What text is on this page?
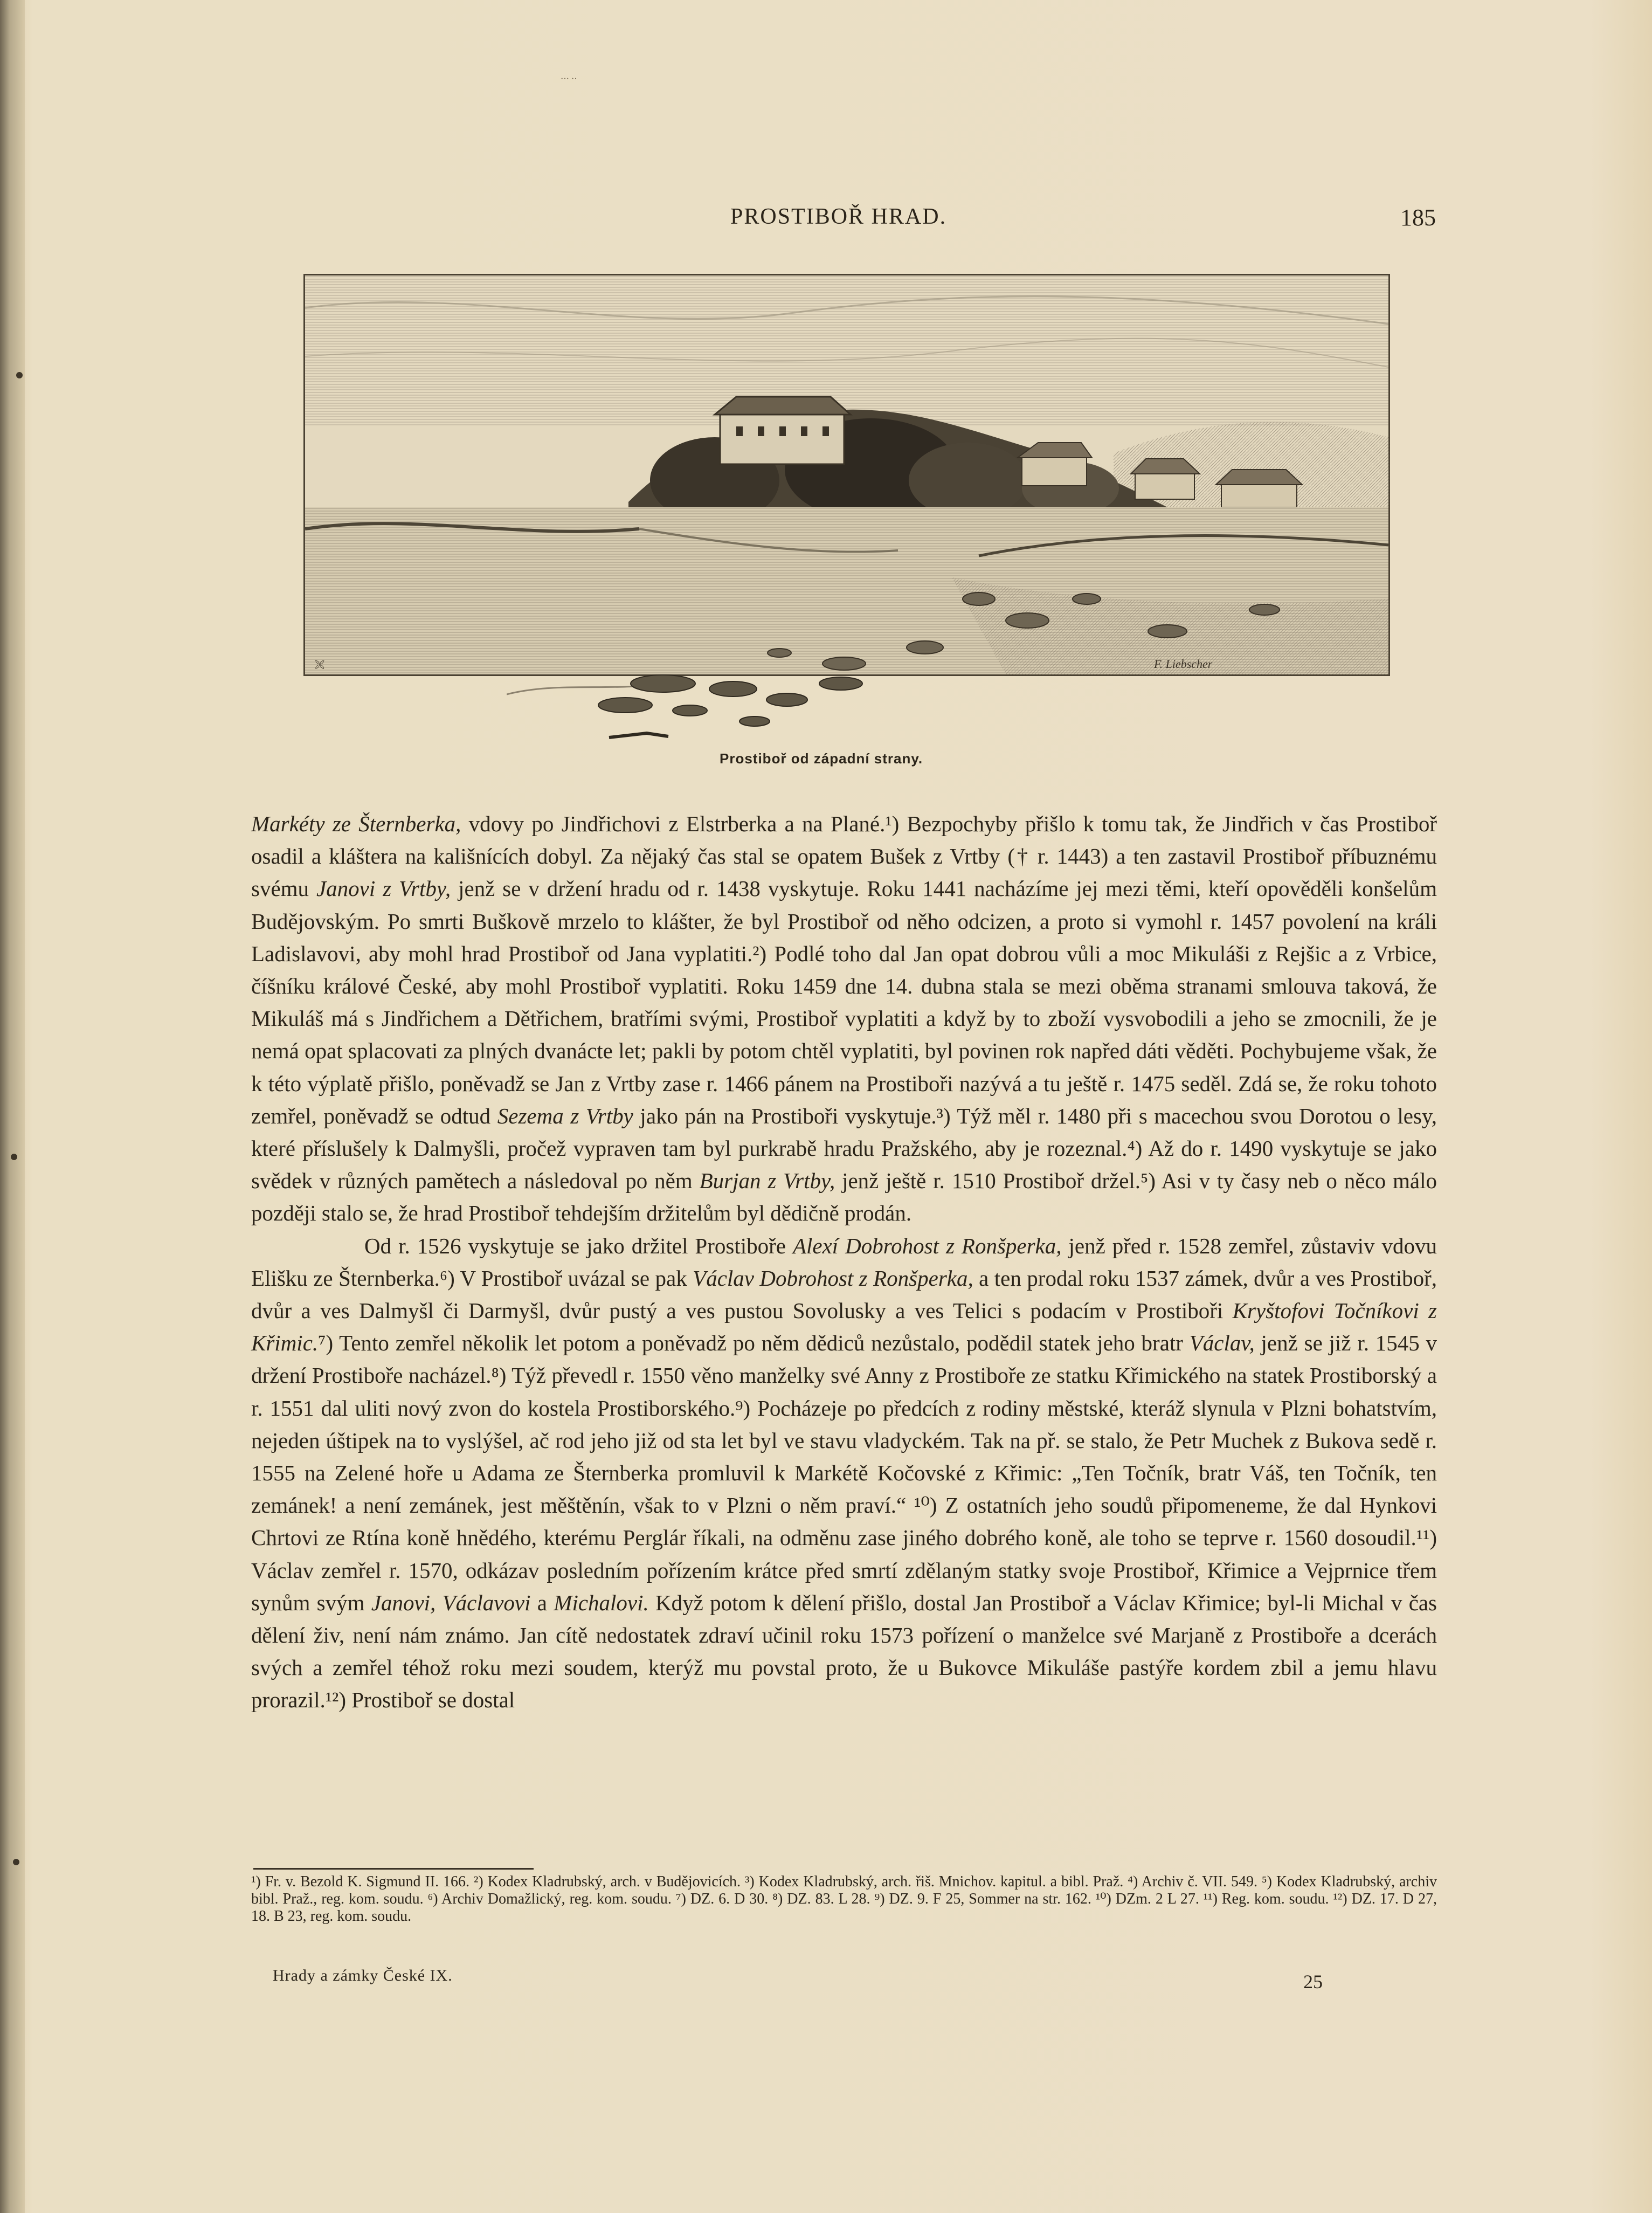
··· ··
PROSTIBOŘ HRAD.	185
🙪	F. Liebscher
Prostiboř od západní strany.

Markéty ze Šternberka, vdovy po Jindřichovi z Elstrberka a na Plané.¹) Bezpochyby přišlo k tomu tak, že Jindřich v čas Prostiboř osadil a kláštera na kališnících dobyl. Za nějaký čas stal se opatem Bušek z Vrtby († r. 1443) a ten zastavil Prostiboř příbuznému svému Janovi z Vrtby, jenž se v držení hradu od r. 1438 vyskytuje. Roku 1441 nacházíme jej mezi těmi, kteří opověděli konšelům Budějovským. Po smrti Buškově mrzelo to klášter, že byl Prostiboř od něho odcizen, a proto si vymohl r. 1457 povolení na králi Ladislavovi, aby mohl hrad Prostiboř od Jana vyplatiti.²) Podlé toho dal Jan opat dobrou vůli a moc Mikuláši z Rejšic a z Vrbice, číšníku králové České, aby mohl Prostiboř vyplatiti. Roku 1459 dne 14. dubna stala se mezi oběma stranami smlouva taková, že Mikuláš má s Jindřichem a Dětřichem, bratřími svými, Prostiboř vyplatiti a když by to zboží vysvobodili a jeho se zmocnili, že je nemá opat splacovati za plných dvanácte let; pakli by potom chtěl vyplatiti, byl povinen rok napřed dáti věděti. Pochybujeme však, že k této výplatě přišlo, poněvadž se Jan z Vrtby zase r. 1466 pánem na Prostiboři nazývá a tu ještě r. 1475 seděl. Zdá se, že roku tohoto zemřel, poněvadž se odtud Sezema z Vrtby jako pán na Prostiboři vyskytuje.³) Týž měl r. 1480 při s macechou svou Dorotou o lesy, které příslušely k Dalmyšli, pročež vypraven tam byl purkrabě hradu Pražského, aby je rozeznal.⁴) Až do r. 1490 vyskytuje se jako svědek v různých pamětech a následoval po něm Burjan z Vrtby, jenž ještě r. 1510 Prostiboř držel.⁵) Asi v ty časy neb o něco málo později stalo se, že hrad Prostiboř tehdejším držitelům byl dědičně prodán.

Od r. 1526 vyskytuje se jako držitel Prostiboře Alexí Dobrohost z Ronšperka, jenž před r. 1528 zemřel, zůstaviv vdovu Elišku ze Šternberka.⁶) V Prostiboř uvázal se pak Václav Dobrohost z Ronšperka, a ten prodal roku 1537 zámek, dvůr a ves Prostiboř, dvůr a ves Dalmyšl či Darmyšl, dvůr pustý a ves pustou Sovolusky a ves Telici s podacím v Prostiboři Kryštofovi Točníkovi z Křimic.⁷) Tento zemřel několik let potom a poněvadž po něm dědiců nezůstalo, podědil statek jeho bratr Václav, jenž se již r. 1545 v držení Prostiboře nacházel.⁸) Týž převedl r. 1550 věno manželky své Anny z Prostiboře ze statku Křimického na statek Prostiborský a r. 1551 dal uliti nový zvon do kostela Prostiborského.⁹) Pocházeje po předcích z rodiny městské, kteráž slynula v Plzni bohatstvím, nejeden úštipek na to vyslýšel, ač rod jeho již od sta let byl ve stavu vladyckém. Tak na př. se stalo, že Petr Muchek z Bukova sedě r. 1555 na Zelené hoře u Adama ze Šternberka promluvil k Markétě Kočovské z Křimic: „Ten Točník, bratr Váš, ten Točník, ten zemánek! a není zemánek, jest měštěnín, však to v Plzni o něm praví.“ ¹⁰) Z ostatních jeho soudů připomeneme, že dal Hynkovi Chrtovi ze Rtína koně hnědého, kterému Perglár říkali, na odměnu zase jiného dobrého koně, ale toho se teprve r. 1560 dosoudil.¹¹) Václav zemřel r. 1570, odkázav posledním pořízením krátce před smrtí zdělaným statky svoje Prostiboř, Křimice a Vejprnice třem synům svým Janovi, Václavovi a Michalovi. Když potom k dělení přišlo, dostal Jan Prostiboř a Václav Křimice; byl-li Michal v čas dělení živ, není nám známo. Jan cítě nedostatek zdraví učinil roku 1573 pořízení o manželce své Marjaně z Prostiboře a dcerách svých a zemřel téhož roku mezi soudem, kterýž mu povstal proto, že u Bukovce Mikuláše pastýře kordem zbil a jemu hlavu prorazil.¹²) Prostiboř se dostal

¹) Fr. v. Bezold K. Sigmund II. 166. ²) Kodex Kladrubský, arch. v Budějovicích. ³) Kodex Kladrubský, arch. řiš. Mnichov. kapitul. a bibl. Praž. ⁴) Archiv č. VII. 549. ⁵) Kodex Kladrubský, archiv bibl. Praž., reg. kom. soudu. ⁶) Archiv Domažlický, reg. kom. soudu. ⁷) DZ. 6. D 30. ⁸) DZ. 83. L 28. ⁹) DZ. 9. F 25, Sommer na str. 162. ¹⁰) DZm. 2 L 27. ¹¹) Reg. kom. soudu. ¹²) DZ. 17. D 27, 18. B 23, reg. kom. soudu.
Hrady a zámky České IX.	25
